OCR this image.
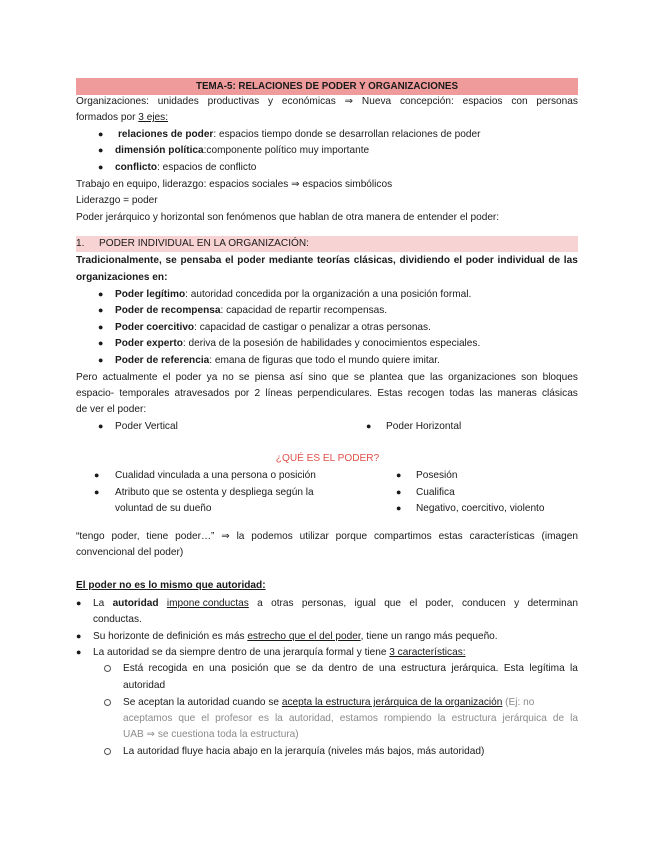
TEMA-5: RELACIONES DE PODER Y ORGANIZACIONES
Organizaciones: unidades productivas y económicas ⇒ Nueva concepción: espacios con personas
formados por 3 ejes:
● relaciones de poder: espacios tiempo donde se desarrollan relaciones de poder
● dimensión política:componente político muy importante
● conflicto: espacios de conflicto
Trabajo en equipo, liderazgo: espacios sociales ⇒ espacios simbólicos
Liderazgo = poder
Poder jerárquico y horizontal son fenómenos que hablan de otra manera de entender el poder:
1. PODER INDIVIDUAL EN LA ORGANIZACIÓN:
Tradicionalmente, se pensaba el poder mediante teorías clásicas, dividiendo el poder individual de las
organizaciones en:
● Poder legítimo: autoridad concedida por la organización a una posición formal.
● Poder de recompensa: capacidad de repartir recompensas.
● Poder coercitivo: capacidad de castigar o penalizar a otras personas.
● Poder experto: deriva de la posesión de habilidades y conocimientos especiales.
● Poder de referencia: emana de figuras que todo el mundo quiere imitar.
Pero actualmente el poder ya no se piensa así sino que se plantea que las organizaciones son bloques
espacio- temporales atravesados por 2 líneas perpendiculares. Estas recogen todas las maneras clásicas
de ver el poder:
● Poder Vertical	● Poder Horizontal
¿QUÉ ES EL PODER?
● Cualidad vinculada a una persona o posición
● Atributo que se ostenta y despliega según la
voluntad de su dueño
● Posesión
● Cualifica
● Negativo, coercitivo, violento
“tengo poder, tiene poder…” ⇒ la podemos utilizar porque compartimos estas características (imagen
convencional del poder)
El poder no es lo mismo que autoridad:
● La autoridad impone conductas a otras personas, igual que el poder, conducen y determinan
conductas.
● Su horizonte de definición es más estrecho que el del poder, tiene un rango más pequeño.
● La autoridad se da siempre dentro de una jerarquía formal y tiene 3 características:
Está recogida en una posición que se da dentro de una estructura jerárquica. Esta legítima la
autoridad
Se aceptan la autoridad cuando se acepta la estructura jerárquica de la organización (Ej: no
aceptamos que el profesor es la autoridad, estamos rompiendo la estructura jerárquica de la
UAB ⇒ se cuestiona toda la estructura)
La autoridad fluye hacia abajo en la jerarquía (niveles más bajos, más autoridad)
